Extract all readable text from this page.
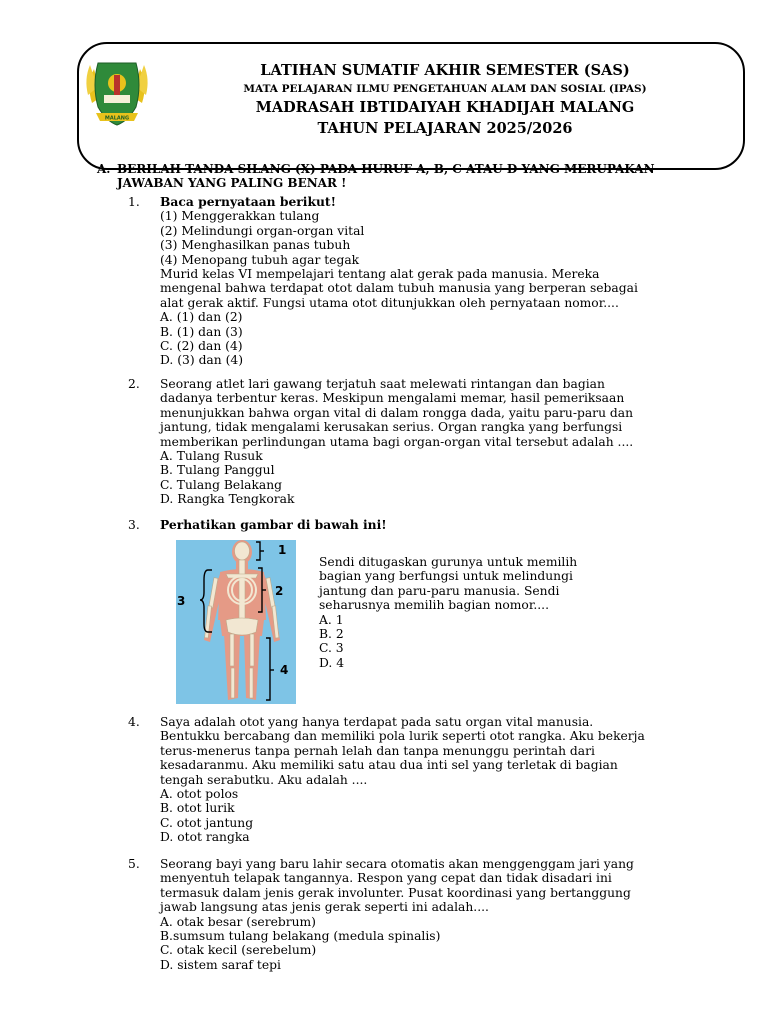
MALANG
LATIHAN SUMATIF AKHIR SEMESTER (SAS)
MATA PELAJARAN ILMU PENGETAHUAN ALAM DAN SOSIAL (IPAS)
MADRASAH IBTIDAIYAH KHADIJAH MALANG
TAHUN PELAJARAN 2025/2026
A. BERILAH TANDA SILANG (X) PADA HURUF A, B, C ATAU D YANG MERUPAKAN
JAWABAN YANG PALING BENAR !
1. Baca pernyataan berikut!
(1) Menggerakkan tulang
(2) Melindungi organ-organ vital
(3) Menghasilkan panas tubuh
(4) Menopang tubuh agar tegak
Murid kelas VI mempelajari tentang alat gerak pada manusia. Mereka
mengenal bahwa terdapat otot dalam tubuh manusia yang berperan sebagai
alat gerak aktif. Fungsi utama otot ditunjukkan oleh pernyataan nomor....
A. (1) dan (2)
B. (1) dan (3)
C. (2) dan (4)
D. (3) dan (4)
2. Seorang atlet lari gawang terjatuh saat melewati rintangan dan bagian
dadanya terbentur keras. Meskipun mengalami memar, hasil pemeriksaan
menunjukkan bahwa organ vital di dalam rongga dada, yaitu paru-paru dan
jantung, tidak mengalami kerusakan serius. Organ rangka yang berfungsi
memberikan perlindungan utama bagi organ-organ vital tersebut adalah ....
A. Tulang Rusuk
B. Tulang Panggul
C. Tulang Belakang
D. Rangka Tengkorak
3. Perhatikan gambar di bawah ini!
1
2
3
4
Sendi ditugaskan gurunya untuk memilih
bagian yang berfungsi untuk melindungi
jantung dan paru-paru manusia. Sendi
seharusnya memilih bagian nomor....
A. 1
B. 2
C. 3
D. 4
4. Saya adalah otot yang hanya terdapat pada satu organ vital manusia.
Bentukku bercabang dan memiliki pola lurik seperti otot rangka. Aku bekerja
terus-menerus tanpa pernah lelah dan tanpa menunggu perintah dari
kesadaranmu. Aku memiliki satu atau dua inti sel yang terletak di bagian
tengah serabutku. Aku adalah ....
A. otot polos
B. otot lurik
C. otot jantung
D. otot rangka
5. Seorang bayi yang baru lahir secara otomatis akan menggenggam jari yang
menyentuh telapak tangannya. Respon yang cepat dan tidak disadari ini
termasuk dalam jenis gerak involunter. Pusat koordinasi yang bertanggung
jawab langsung atas jenis gerak seperti ini adalah....
A. otak besar (serebrum)
B.sumsum tulang belakang (medula spinalis)
C. otak kecil (serebelum)
D. sistem saraf tepi
